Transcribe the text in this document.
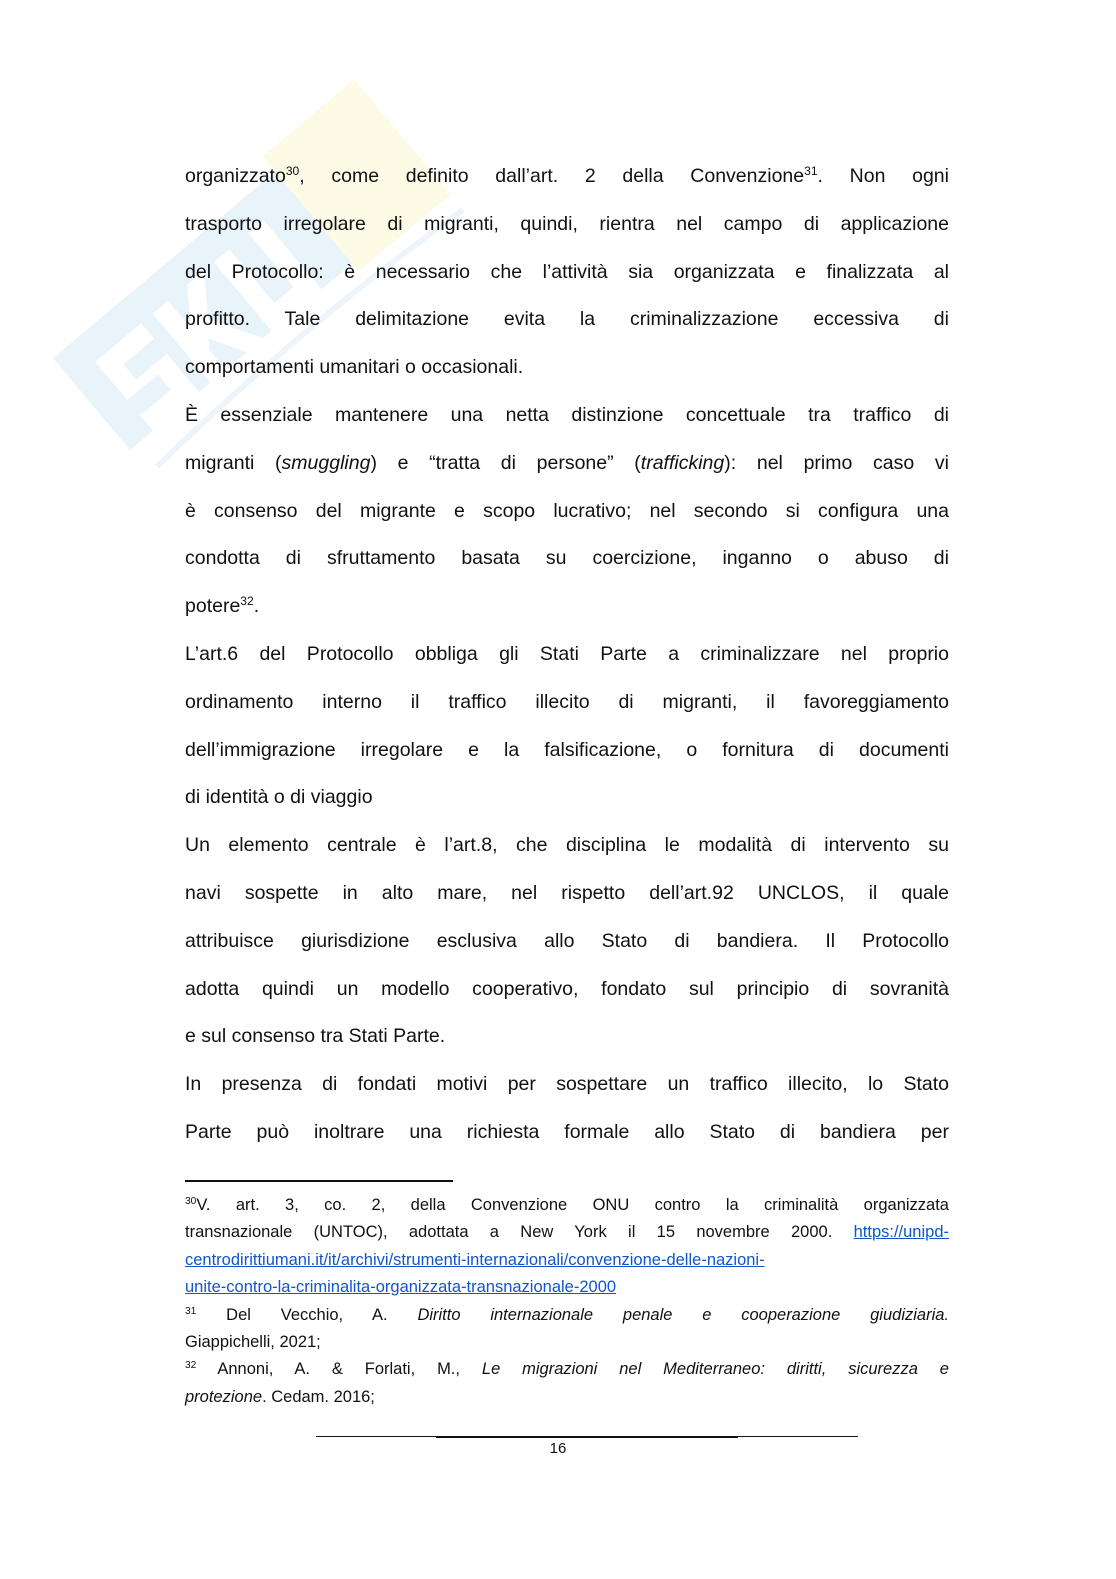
organizzato$^{30}$, come definito dall’art. 2 della Convenzione$^{31}$. Non ogni
trasporto irregolare di migranti, quindi, rientra nel campo di applicazione
del Protocollo: è necessario che l’attività sia organizzata e finalizzata al
profitto. Tale delimitazione evita la criminalizzazione eccessiva di
comportamenti umanitari o occasionali.
È essenziale mantenere una netta distinzione concettuale tra traffico di
migranti (smuggling) e “tratta di persone” (trafficking): nel primo caso vi
è consenso del migrante e scopo lucrativo; nel secondo si configura una
condotta di sfruttamento basata su coercizione, inganno o abuso di
potere$^{32}$.
L’art.6 del Protocollo obbliga gli Stati Parte a criminalizzare nel proprio
ordinamento interno il traffico illecito di migranti, il favoreggiamento
dell’immigrazione irregolare e la falsificazione, o fornitura di documenti
di identità o di viaggio
Un elemento centrale è l’art.8, che disciplina le modalità di intervento su
navi sospette in alto mare, nel rispetto dell’art.92 UNCLOS, il quale
attribuisce giurisdizione esclusiva allo Stato di bandiera. Il Protocollo
adotta quindi un modello cooperativo, fondato sul principio di sovranità
e sul consenso tra Stati Parte.
In presenza di fondati motivi per sospettare un traffico illecito, lo Stato
Parte può inoltrare una richiesta formale allo Stato di bandiera per
$^{30}$V. art. 3, co. 2, della Convenzione ONU contro la criminalità organizzata
transnazionale (UNTOC), adottata a New York il 15 novembre 2000. https://unipd-
centrodirittiumani.it/it/archivi/strumenti-internazionali/convenzione-delle-nazioni-
unite-contro-la-criminalita-organizzata-transnazionale-2000
$^{31}$ Del Vecchio, A. Diritto internazionale penale e cooperazione giudiziaria.
Giappichelli, 2021;
$^{32}$ Annoni, A. & Forlati, M., Le migrazioni nel Mediterraneo: diritti, sicurezza e
protezione. Cedam. 2016;
16
